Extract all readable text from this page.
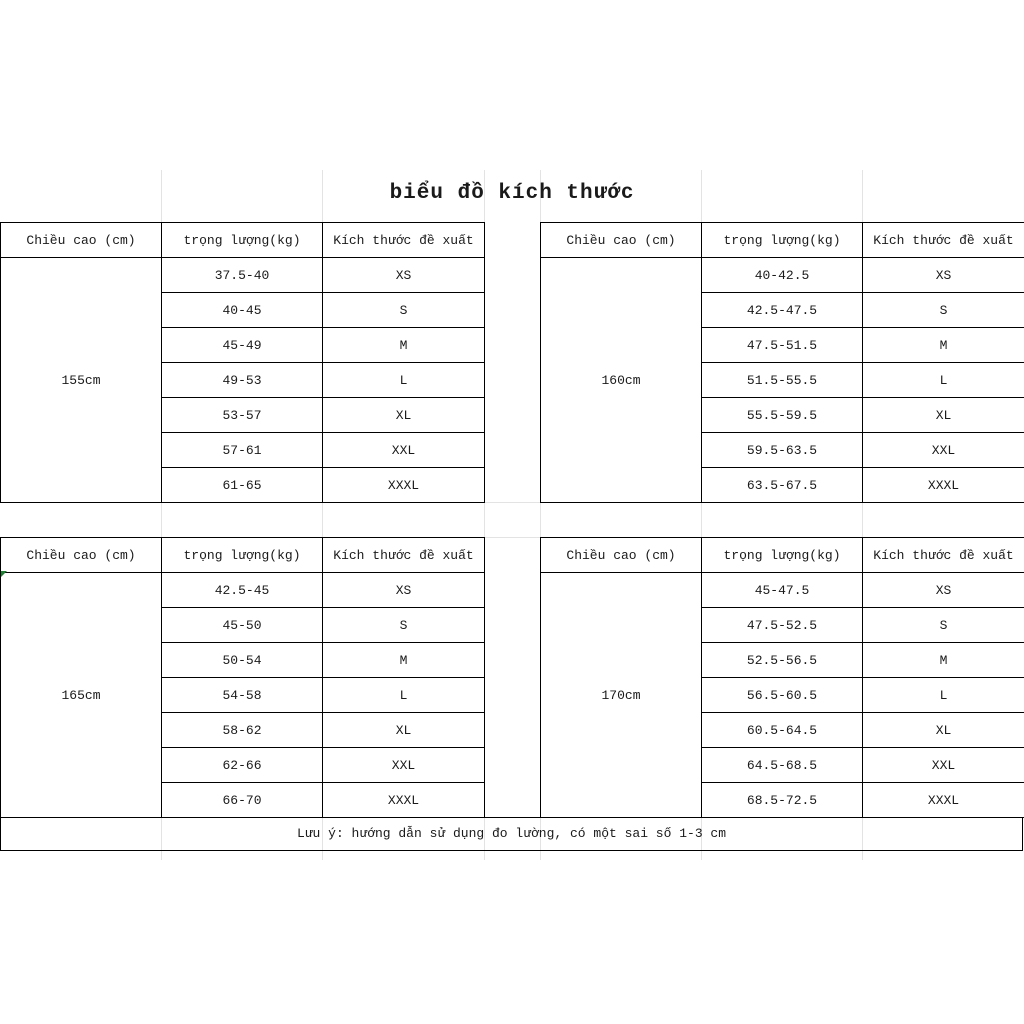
biểu đồ kích thước
Chiều cao (cm)	trọng lượng(kg)	Kích thước đề xuất
155cm	37.5-40	XS
	40-45	S
	45-49	M
	49-53	L
	53-57	XL
	57-61	XXL
	61-65	XXXL
Chiều cao (cm)	trọng lượng(kg)	Kích thước đề xuất
160cm	40-42.5	XS
	42.5-47.5	S
	47.5-51.5	M
	51.5-55.5	L
	55.5-59.5	XL
	59.5-63.5	XXL
	63.5-67.5	XXXL
Chiều cao (cm)	trọng lượng(kg)	Kích thước đề xuất
165cm	42.5-45	XS
	45-50	S
	50-54	M
	54-58	L
	58-62	XL
	62-66	XXL
	66-70	XXXL
Chiều cao (cm)	trọng lượng(kg)	Kích thước đề xuất
170cm	45-47.5	XS
	47.5-52.5	S
	52.5-56.5	M
	56.5-60.5	L
	60.5-64.5	XL
	64.5-68.5	XXL
	68.5-72.5	XXXL
Lưu ý: hướng dẫn sử dụng đo lường, có một sai số 1-3 cm
